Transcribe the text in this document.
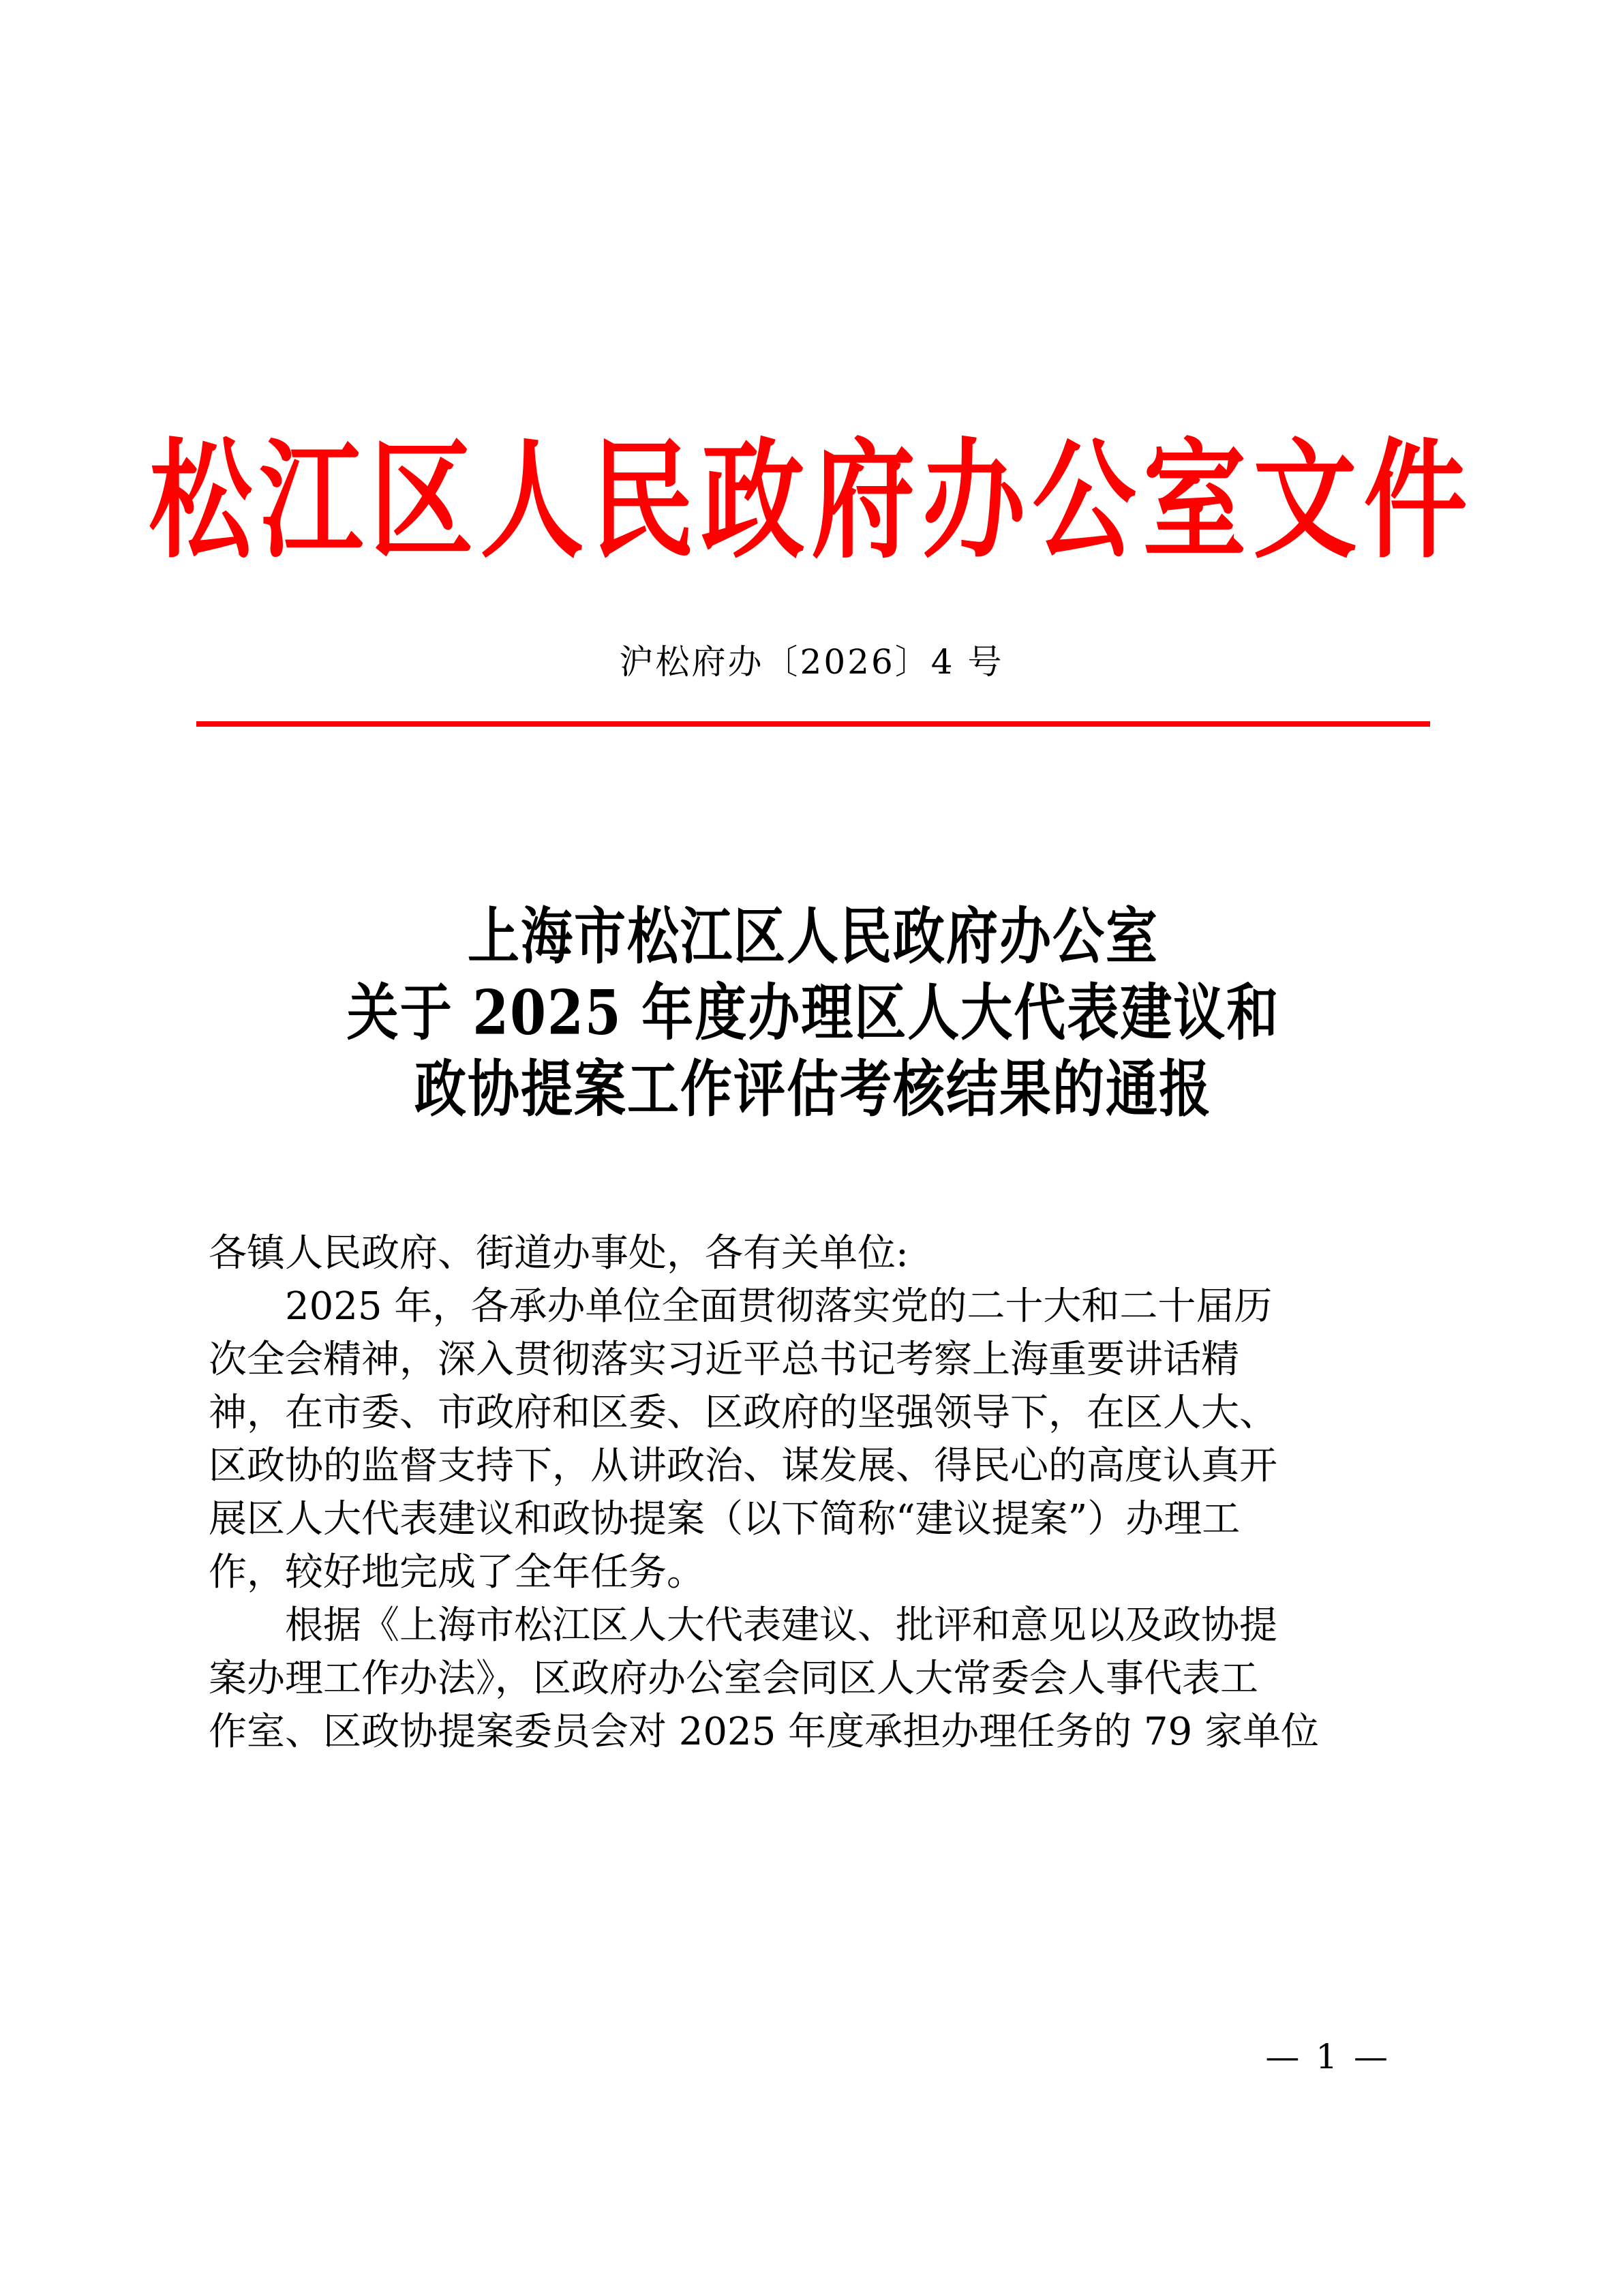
松江区人民政府办公室文件
沪松府办〔2026〕4 号
上海市松江区人民政府办公室
关于 2025 年度办理区人大代表建议和
政协提案工作评估考核结果的通报
各镇人民政府、街道办事处，各有关单位:
2025 年，各承办单位全面贯彻落实党的二十大和二十届历
次全会精神，深入贯彻落实习近平总书记考察上海重要讲话精
神，在市委、市政府和区委、区政府的坚强领导下，在区人大、
区政协的监督支持下，从讲政治、谋发展、得民心的高度认真开
展区人大代表建议和政协提案（以下简称“建议提案”）办理工
作，较好地完成了全年任务。
根据《上海市松江区人大代表建议、批评和意见以及政协提
案办理工作办法》，区政府办公室会同区人大常委会人事代表工
作室、区政协提案委员会对 2025 年度承担办理任务的 79 家单位
— 1 —
